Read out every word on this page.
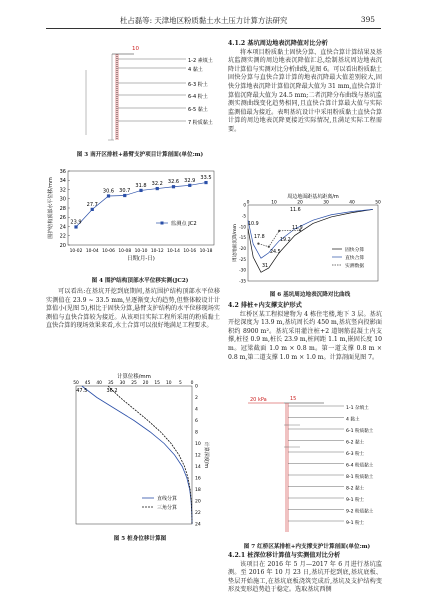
杜占磊等: 天津地区粉质黏土水土压力计算方法研究	395
10
1-2 素填土
4 黏土
6-3 粉土
6-4 粉土
6-5 黏土
7 粉质黏土
图 3 南开区排桩+悬臂支护项目计算剖面(单位:m)
36
34
32
30
28
26
24
22
20
10-02 10-04 10-06 10-08 10-10 10-12 10-14 10-16 10-18
23.9
27.7
30.6 30.7
31.8 32.2 32.6 32.9 33.5
日期(月-日)
围护结构顶部水平位移/mm	监测点 JC2
图 4 围护结构顶部水平位移实测(JC2)
可以看出:在基坑开挖到底期间,基坑围护结构顶部水平位移实测值在 23.9 ~ 33.5 mm,呈逐渐变大的趋势,但整体較设计计算值小(见图 5),相比于固快分算,悬臂支护结构的水平位移现场实测值与直快合算较为接近。从该项目实际工程所采用的粉质黏土直快合算的现场效果来看,水土合算可以很好地满足工程要求。
计算位移/mm
50 45 40 35 30 25 20 15 10 5 0
0
2
4
6
8
10
12
14
16
18
20
22
24
计算深度/m
47.5	36.2
直线分算
三角分算
图 5 桩身位移计算图
4.1.2 基坑周边地表沉降值对比分析
将本项目粉质黏土固快分算、直快合算计算结果及基坑监测实测的周边地表沉降值汇总,绘制基坑周边地表沉降计算值与实测对比分析曲线,见图 6。可以看出粉质黏土固快分算与直快合算计算的地表沉降最大值差别较大,固快分算地表沉降计算值沉降最大值为 31 mm,直快合算计算值沉降最大值为 24.5 mm;二者沉降分布曲线与基坑监测实测曲线变化趋势相同,且直快合算计算最大值与实际监测值最为接近。表明基坑设计中采用粉质黏土直快合算计算的周边地表沉降更接近实际情况,且满足实际工程需要。
周边地面距基坑距离/m
0	10	20	30	40	50
0
-5
-10
-15
-20
-25
-30
-35
周边地面沉降/mm
11.6
17.8
19.2
11.9
24.5
31
10.9
固快分算
直快合算
实测数据
图 6 基坑周边地表沉降对比曲线
4.2 排桩+内支撑支护形式
红桥区某工程拟建物为 4 栋住宅楼,地下 3 层。基坑开挖深度为 13.9 m,基坑周长约 450 m,基坑竖向投影面积约 8900 m²。基坑采用灌注桩+2 道钢筋混凝土内支撑,桩径 0.9 m,桩长 23.9 m,桩间距 1.1 m,嵌固长度 10 m。冠梁截面 1.0 m × 0.8 m。第一道支撑 0.8 m × 0.8 m,第二道支撑 1.0 m × 1.0 m。计算剖面见图 7。
20 kPa	15
1-1 杂填土
4 黏土
6-1 粉质黏土
6-2 黏土
6-3 粉土
6-4 粉质黏土
8-1 粉质黏土
8-2 黏土
9-1 粉土
9-2 粉质黏土
9-1 粉土
图 7 红桥区某排桩+内支撑支护计算剖面(单位:m)
4.2.1 桩深位移计算值与实测值对比分析
该项目在 2016 年 5 月—2017 年 6 月进行基坑监测。至 2016 年 10 月 23 日,基坑开挖到底,基坑底板、垫层开始施工,在基坑底板浇筑完成后,基坑及支护结构变形及变形趋势趋于稳定。选取基坑西侧
